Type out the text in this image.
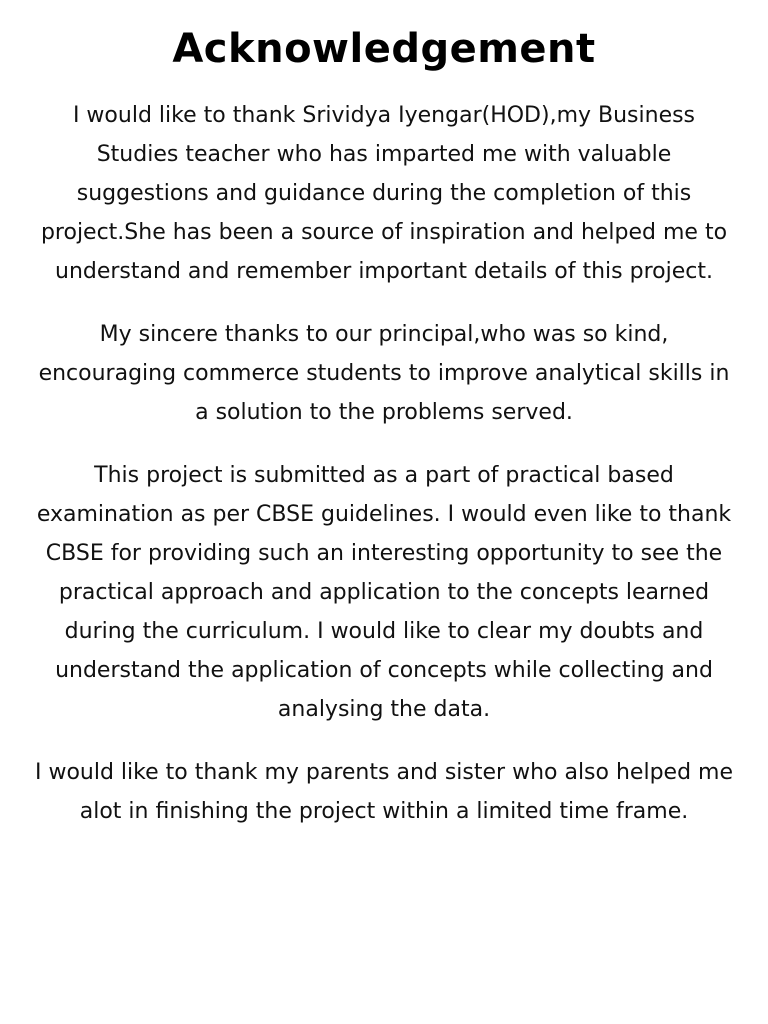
Acknowledgement

I would like to thank Srividya Iyengar(HOD),my Business Studies teacher who has imparted me with valuable suggestions and guidance during the completion of this project.She has been a source of inspiration and helped me to understand and remember important details of this project.

My sincere thanks to our principal,who was so kind, encouraging commerce students to improve analytical skills in a solution to the problems served.

This project is submitted as a part of practical based examination as per CBSE guidelines. I would even like to thank CBSE for providing such an interesting opportunity to see the practical approach and application to the concepts learned during the curriculum. I would like to clear my doubts and understand the application of concepts while collecting and analysing the data.

I would like to thank my parents and sister who also helped me alot in finishing the project within a limited time frame.
